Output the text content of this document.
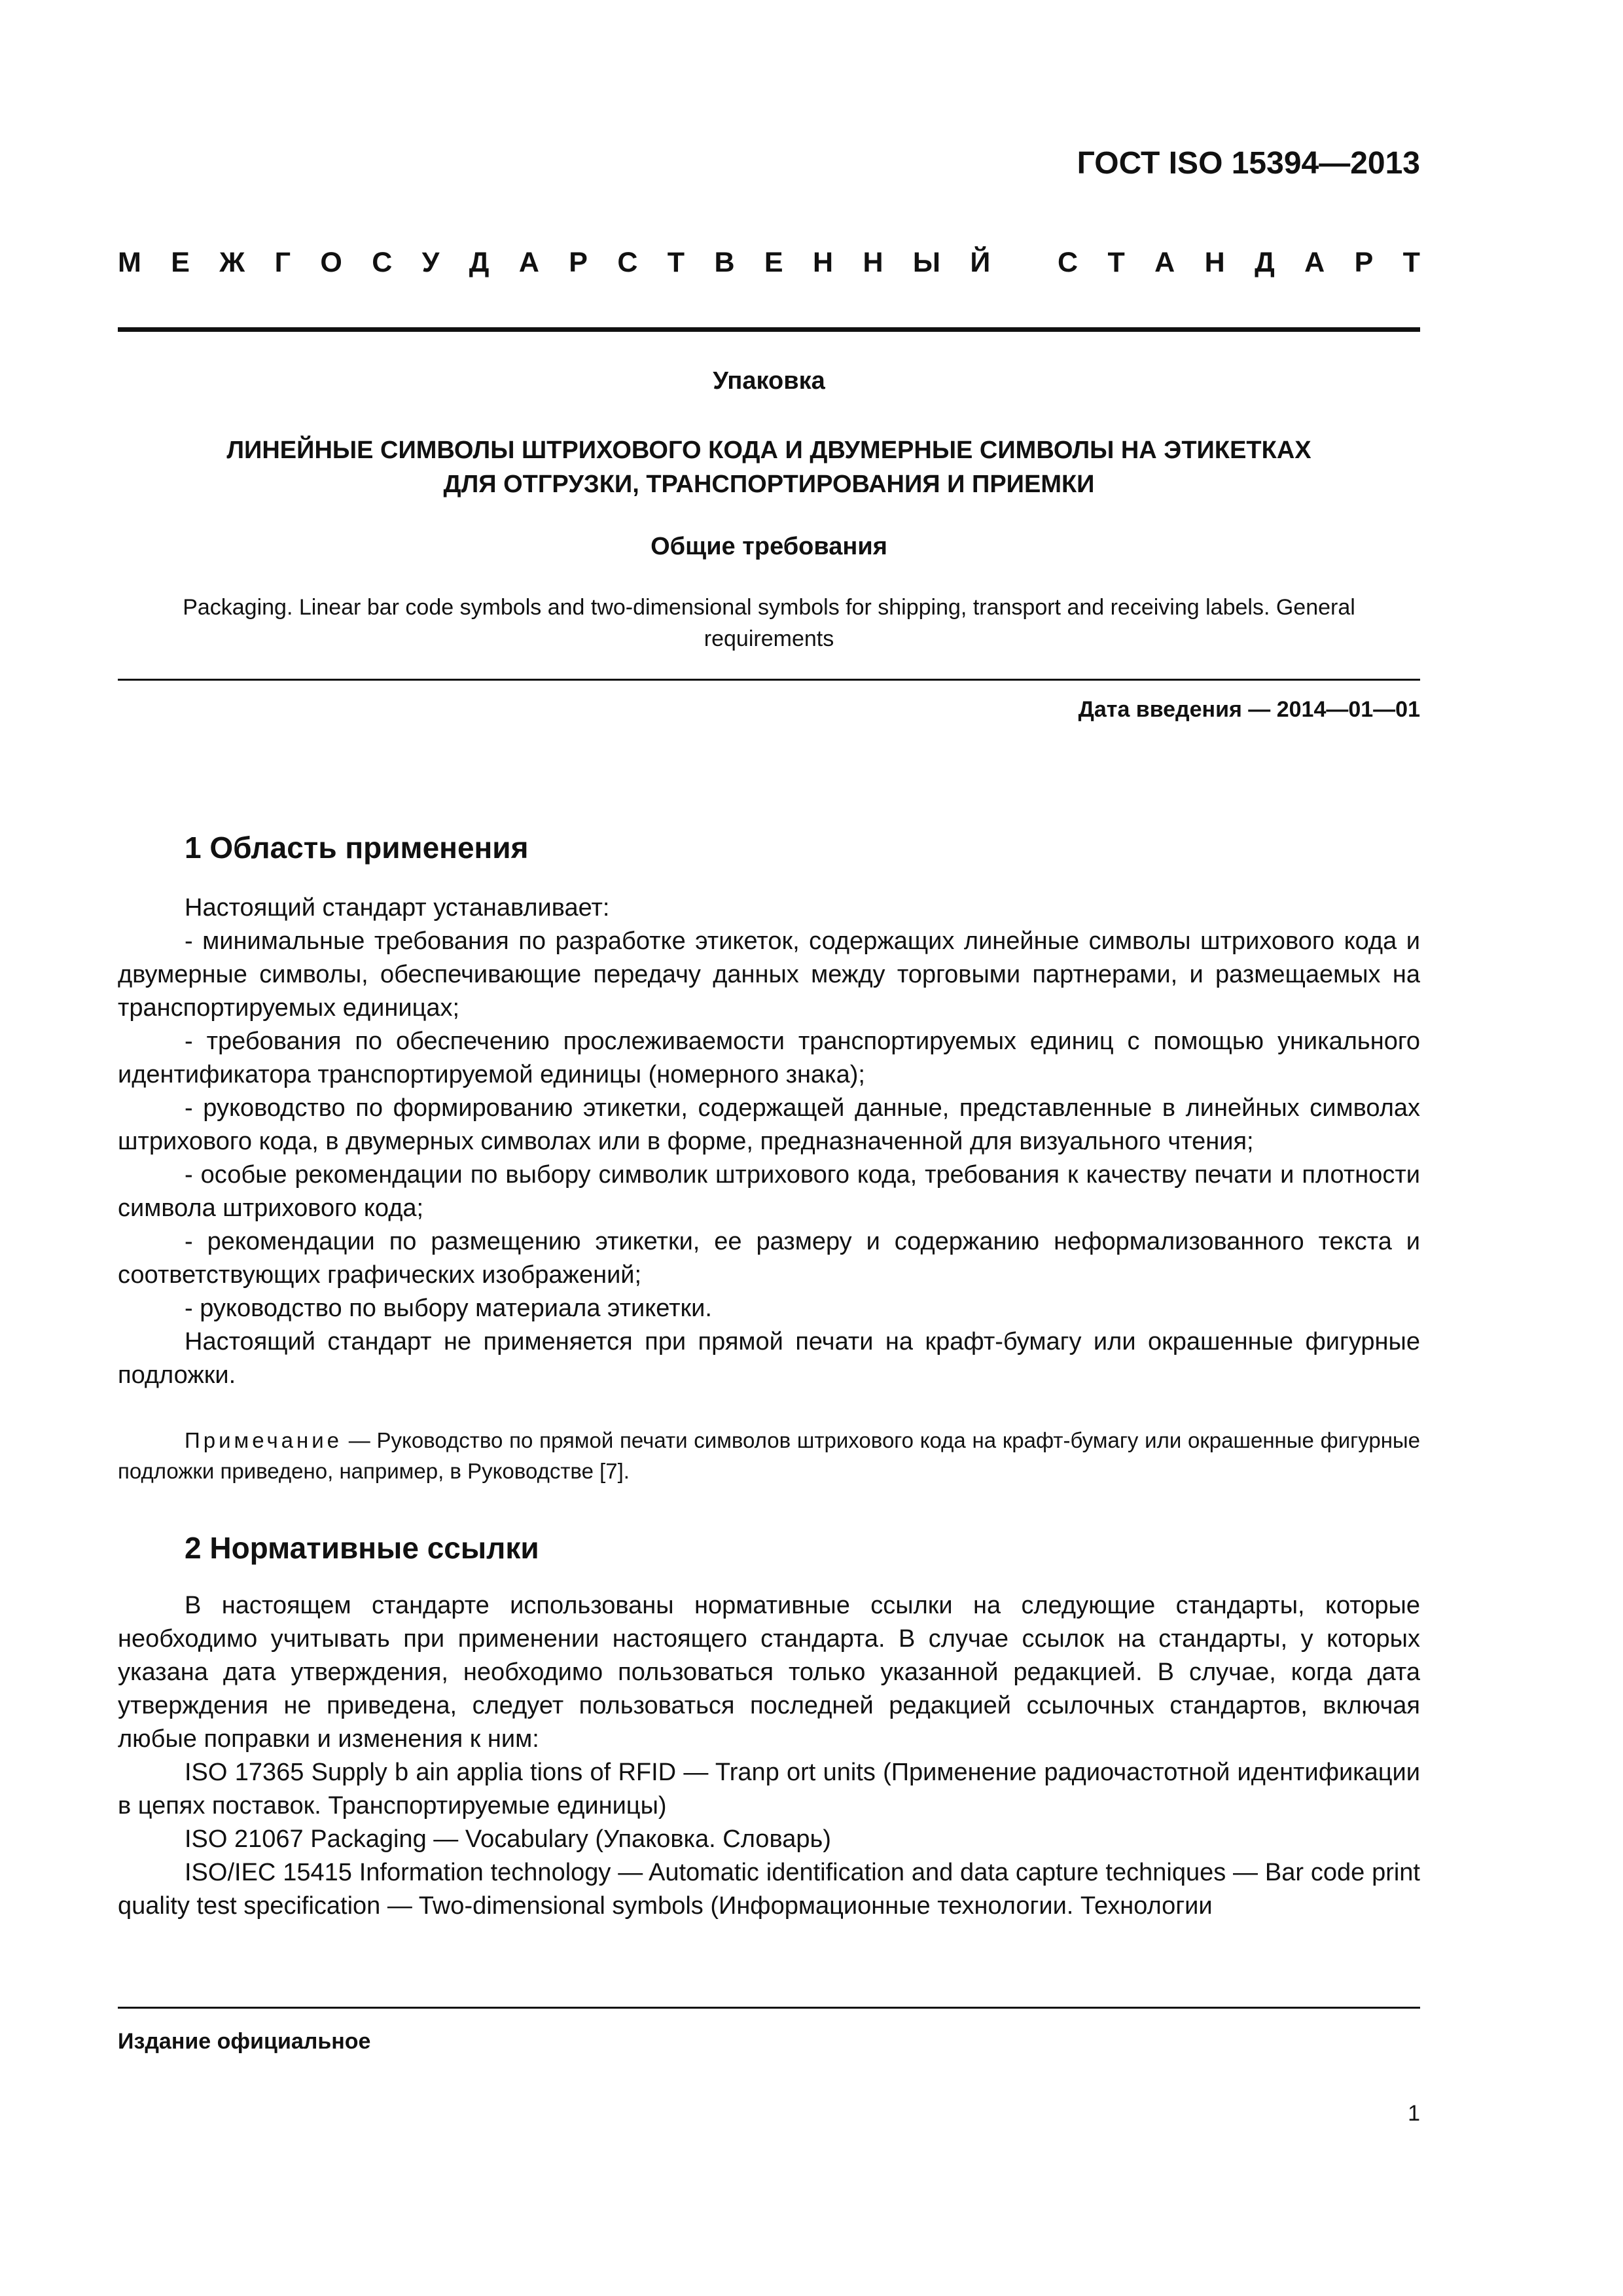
ГОСТ ISO 15394—2013
М Е Ж Г О С У Д А Р С Т В Е Н Н Ы Й
С Т А Н Д А Р Т
Упаковка
ЛИНЕЙНЫЕ СИМВОЛЫ ШТРИХОВОГО КОДА И ДВУМЕРНЫЕ СИМВОЛЫ НА ЭТИКЕТКАХ
ДЛЯ ОТГРУЗКИ, ТРАНСПОРТИРОВАНИЯ И ПРИЕМКИ
Общие требования
Packaging. Linear bar code symbols and two-dimensional symbols for shipping, transport and receiving labels. General requirements
Дата введения — 2014—01—01
1 Область применения

Настоящий стандарт устанавливает:

- минимальные требования по разработке этикеток, содержащих линейные символы штрихового кода и двумерные символы, обеспечивающие передачу данных между торговыми партнерами, и размещаемых на транспортируемых единицах;

- требования по обеспечению прослеживаемости транспортируемых единиц с помощью уникального идентификатора транспортируемой единицы (номерного знака);

- руководство по формированию этикетки, содержащей данные, представленные в линейных символах штрихового кода, в двумерных символах или в форме, предназначенной для визуального чтения;

- особые рекомендации по выбору символик штрихового кода, требования к качеству печати и плотности символа штрихового кода;

- рекомендации по размещению этикетки, ее размеру и содержанию неформализованного текста и соответствующих графических изображений;

- руководство по выбору материала этикетки.

Настоящий стандарт не применяется при прямой печати на крафт-бумагу или окрашенные фигурные подложки.

Примечание — Руководство по прямой печати символов штрихового кода на крафт-бумагу или окрашенные фигурные подложки приведено, например, в Руководстве [7].
2 Нормативные ссылки

В настоящем стандарте использованы нормативные ссылки на следующие стандарты, которые необходимо учитывать при применении настоящего стандарта. В случае ссылок на стандарты, у которых указана дата утверждения, необходимо пользоваться только указанной редакцией. В случае, когда дата утверждения не приведена, следует пользоваться последней редакцией ссылочных стандартов, включая любые поправки и изменения к ним:

ISO 17365 Supply b ain applia tions of RFID — Tranp ort units (Применение радиочастотной идентификации в цепях поставок. Транспортируемые единицы)

ISO 21067 Packaging — Vocabulary (Упаковка. Словарь)

ISO/IEC 15415 Information technology — Automatic identification and data capture techniques — Bar code print quality test specification — Two-dimensional symbols (Информационные технологии. Технологии

Издание официальное
1
